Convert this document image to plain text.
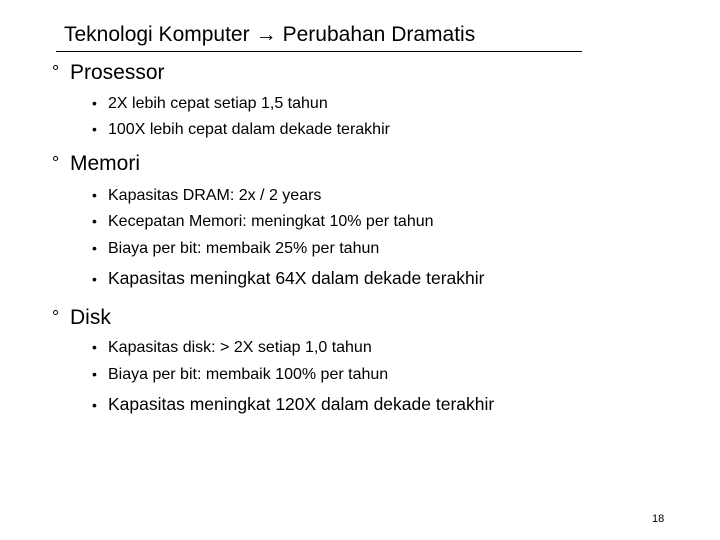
Teknologi Komputer → Perubahan Dramatis
° Prosessor
• 2X lebih cepat setiap 1,5 tahun
• 100X lebih cepat dalam dekade terakhir
° Memori
• Kapasitas DRAM: 2x / 2 years
• Kecepatan Memori: meningkat 10% per tahun
• Biaya per bit: membaik 25% per tahun
• Kapasitas meningkat 64X dalam dekade terakhir
° Disk
• Kapasitas disk: > 2X setiap 1,0 tahun
• Biaya per bit: membaik 100% per tahun
• Kapasitas meningkat 120X dalam dekade terakhir
18
